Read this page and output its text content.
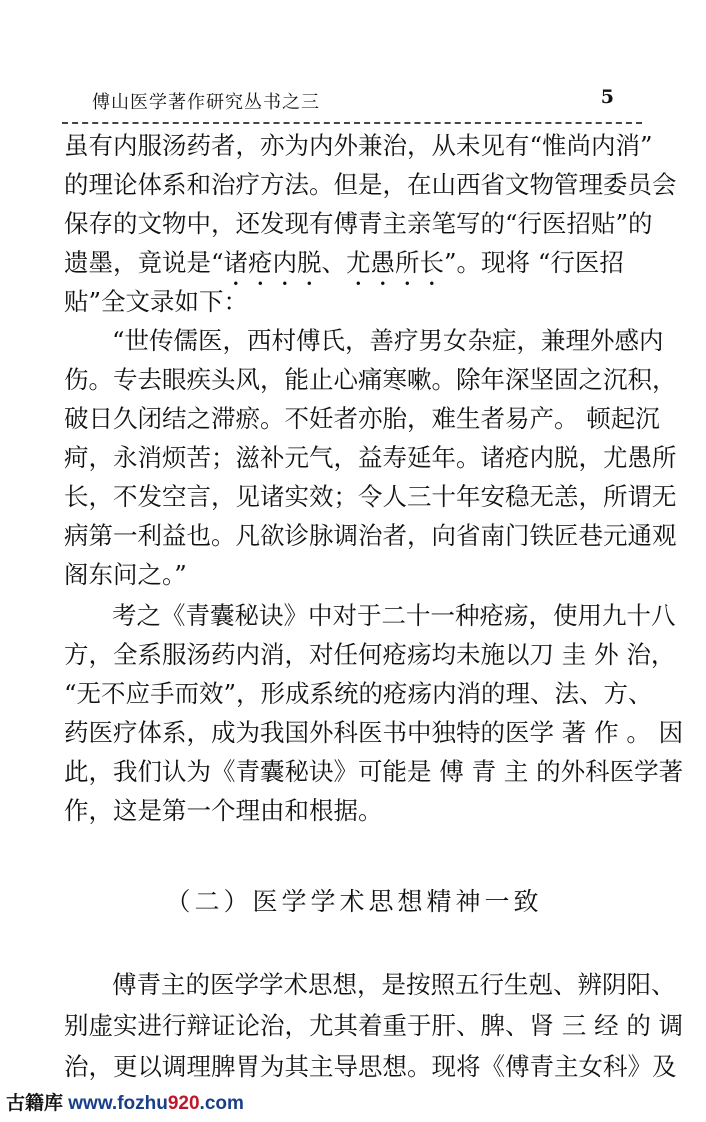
傅山医学著作研究丛书之三	5
虽有内服汤药者，亦为内外兼治，从未见有“惟尚内消”
的理论体系和治疗方法。但是，在山西省文物管理委员会
保存的文物中，还发现有傅青主亲笔写的“行医招贴”的
遗墨，竟说是“诸疮内脱、尤愚所长”。现将 “行医招
贴”全文录如下：
“世传儒医，西村傅氏，善疗男女杂症，兼理外感内
伤。专去眼疾头风，能止心痛寒嗽。除年深坚固之沉积，
破日久闭结之滞瘀。不妊者亦胎，难生者易产。 顿起沉
疴，永消烦苦；滋补元气，益寿延年。诸疮内脱，尤愚所
长，不发空言，见诸实效；令人三十年安稳无恙，所谓无
病第一利益也。凡欲诊脉调治者，向省南门铁匠巷元通观
阁东问之。”
考之《青囊秘诀》中对于二十一种疮疡，使用九十八
方，全系服汤药内消，对任何疮疡均未施以刀 圭 外 治，
“无不应手而效”，形成系统的疮疡内消的理、法、方、
药医疗体系，成为我国外科医书中独特的医学 著 作 。 因
此，我们认为《青囊秘诀》可能是 傅 青 主 的外科医学著
作，这是第一个理由和根据。
（二）医学学术思想精神一致
傅青主的医学学术思想，是按照五行生剋、辨阴阳、
别虚实进行辩证论治，尤其着重于肝、脾、肾 三 经 的 调
治，更以调理脾胃为其主导思想。现将《傅青主女科》及
古籍库 www.fozhu920.com
